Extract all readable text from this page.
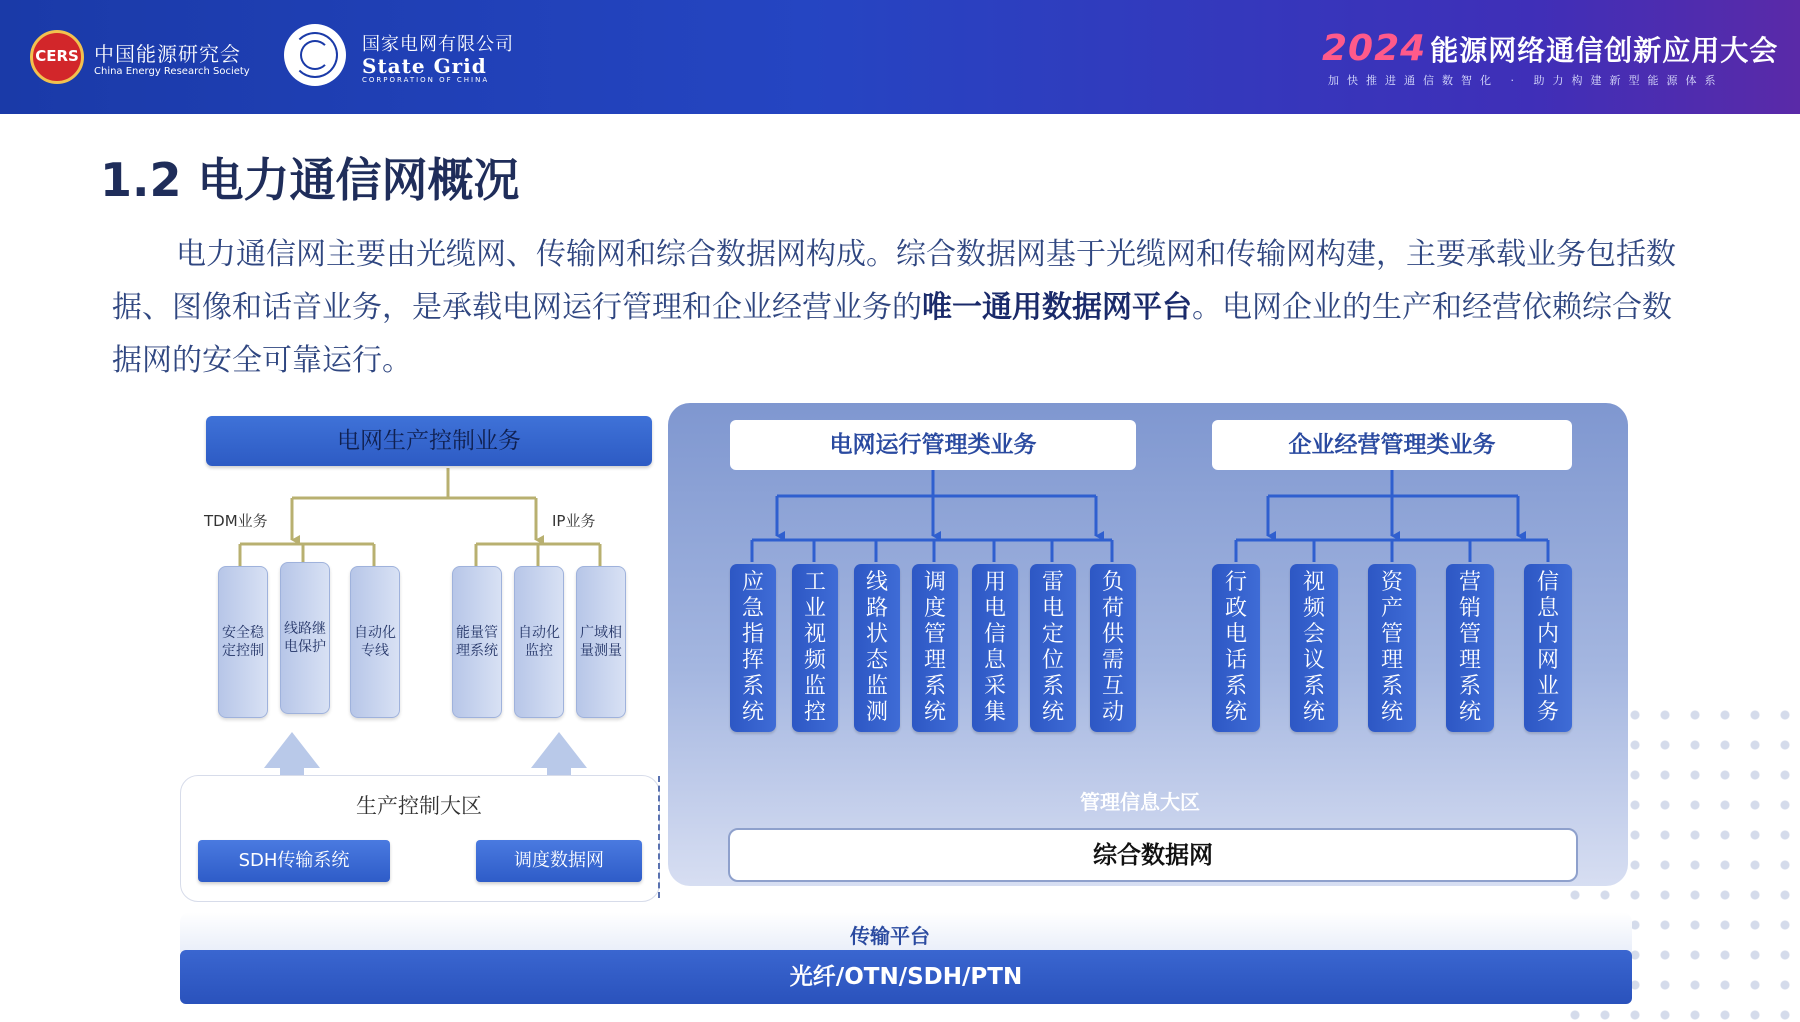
CERS 中国能源研究会
China Energy Research Society
国家电网有限公司
State Grid
CORPORATION OF CHINA
2024 能源网络通信创新应用大会
加快推进通信数智化 · 助力构建新型能源体系
1.2 电力通信网概况
电力通信网主要由光缆网、传输网和综合数据网构成。综合数据网基于光缆网和传输网构建，主要承载业务包括数据、图像和话音业务，是承载电网运行管理和企业经营业务的唯一通用数据网平台。电网企业的生产和经营依赖综合数据网的安全可靠运行。
电网运行管理类业务	企业经营管理类业务
应急指挥系统
工业视频监控
线路状态监测
调度管理系统
用电信息采集
雷电定位系统
负荷供需互动
行政电话系统
视频会议系统
资产管理系统
营销管理系统
信息内网业务
电网生产控制业务
TDM业务	IP业务
安全稳定控制
线路继电保护
自动化专线
能量管理系统
自动化监控
广域相量测量
生产控制大区
SDH传输系统	调度数据网
管理信息大区
综合数据网
传输平台
光纤/OTN/SDH/PTN
